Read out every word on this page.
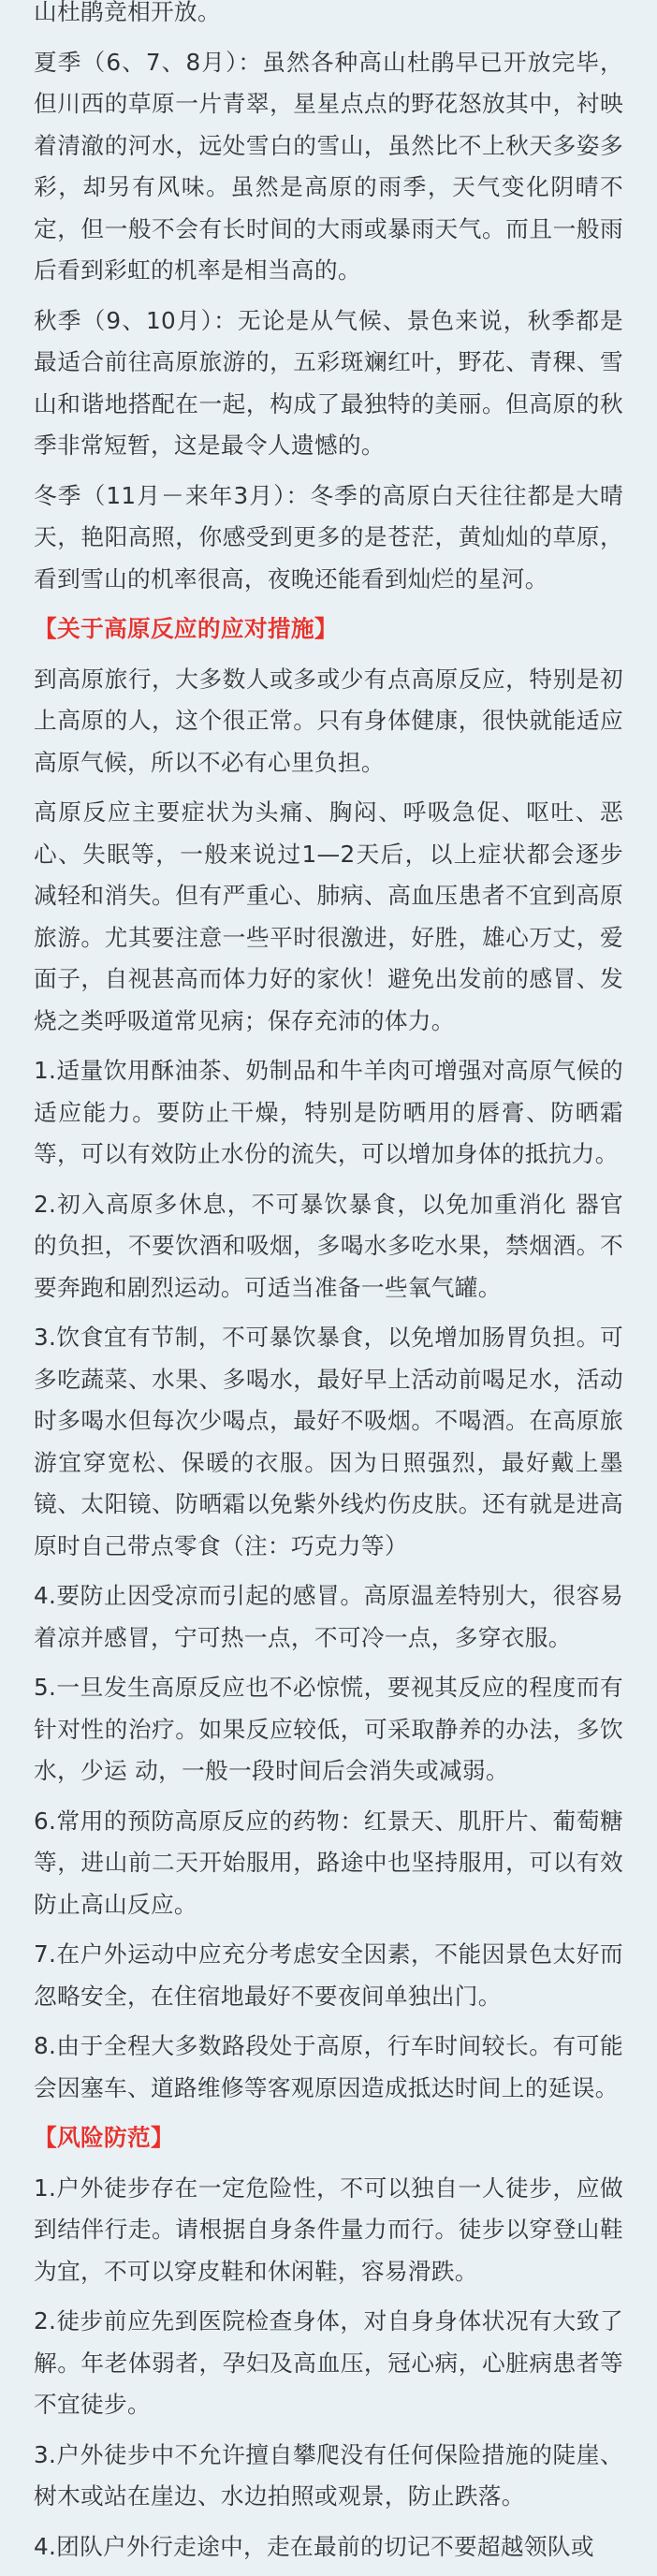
山杜鹃竞相开放。

夏季（6、7、8月）：虽然各种高山杜鹃早已开放完毕，但川西的草原一片青翠，星星点点的野花怒放其中，衬映着清澈的河水，远处雪白的雪山，虽然比不上秋天多姿多彩，却另有风味。虽然是高原的雨季，天气变化阴晴不定，但一般不会有长时间的大雨或暴雨天气。而且一般雨后看到彩虹的机率是相当高的。

秋季（9、10月）：无论是从气候、景色来说，秋季都是最适合前往高原旅游的，五彩斑斓红叶，野花、青稞、雪山和谐地搭配在一起，构成了最独特的美丽。但高原的秋季非常短暂，这是最令人遗憾的。

冬季（11月－来年3月）：冬季的高原白天往往都是大晴天，艳阳高照，你感受到更多的是苍茫，黄灿灿的草原，看到雪山的机率很高，夜晚还能看到灿烂的星河。

【关于高原反应的应对措施】

到高原旅行，大多数人或多或少有点高原反应，特别是初上高原的人，这个很正常。只有身体健康，很快就能适应高原气候，所以不必有心里负担。

高原反应主要症状为头痛、胸闷、呼吸急促、呕吐、恶心、失眠等，一般来说过1—2天后，以上症状都会逐步减轻和消失。但有严重心、肺病、高血压患者不宜到高原旅游。尤其要注意一些平时很激进，好胜，雄心万丈，爱面子，自视甚高而体力好的家伙！避免出发前的感冒、发烧之类呼吸道常见病；保存充沛的体力。

1.适量饮用酥油茶、奶制品和牛羊肉可增强对高原气候的适应能力。要防止干燥，特别是防晒用的唇膏、防晒霜等，可以有效防止水份的流失，可以增加身体的抵抗力。

2.初入高原多休息，不可暴饮暴食，以免加重消化 器官的负担，不要饮酒和吸烟，多喝水多吃水果，禁烟酒。不要奔跑和剧烈运动。可适当准备一些氧气罐。

3.饮食宜有节制，不可暴饮暴食，以免增加肠胃负担。可多吃蔬菜、水果、多喝水，最好早上活动前喝足水，活动时多喝水但每次少喝点，最好不吸烟。不喝酒。在高原旅游宜穿宽松、保暖的衣服。因为日照强烈，最好戴上墨镜、太阳镜、防晒霜以免紫外线灼伤皮肤。还有就是进高原时自己带点零食（注：巧克力等）

4.要防止因受凉而引起的感冒。高原温差特别大，很容易着凉并感冒，宁可热一点，不可冷一点，多穿衣服。

5.一旦发生高原反应也不必惊慌，要视其反应的程度而有针对性的治疗。如果反应较低，可采取静养的办法，多饮水，少运 动，一般一段时间后会消失或减弱。

6.常用的预防高原反应的药物：红景天、肌肝片、葡萄糖等，进山前二天开始服用，路途中也坚持服用，可以有效防止高山反应。

7.在户外运动中应充分考虑安全因素，不能因景色太好而忽略安全，在住宿地最好不要夜间单独出门。

8.由于全程大多数路段处于高原，行车时间较长。有可能会因塞车、道路维修等客观原因造成抵达时间上的延误。

【风险防范】

1.户外徒步存在一定危险性，不可以独自一人徒步，应做到结伴行走。请根据自身条件量力而行。徒步以穿登山鞋为宜，不可以穿皮鞋和休闲鞋，容易滑跌。

2.徒步前应先到医院检查身体，对自身身体状况有大致了解。年老体弱者，孕妇及高血压，冠心病，心脏病患者等不宜徒步。

3.户外徒步中不允许擅自攀爬没有任何保险措施的陡崖、树木或站在崖边、水边拍照或观景，防止跌落。

4.团队户外行走途中，走在最前的切记不要超越领队或
